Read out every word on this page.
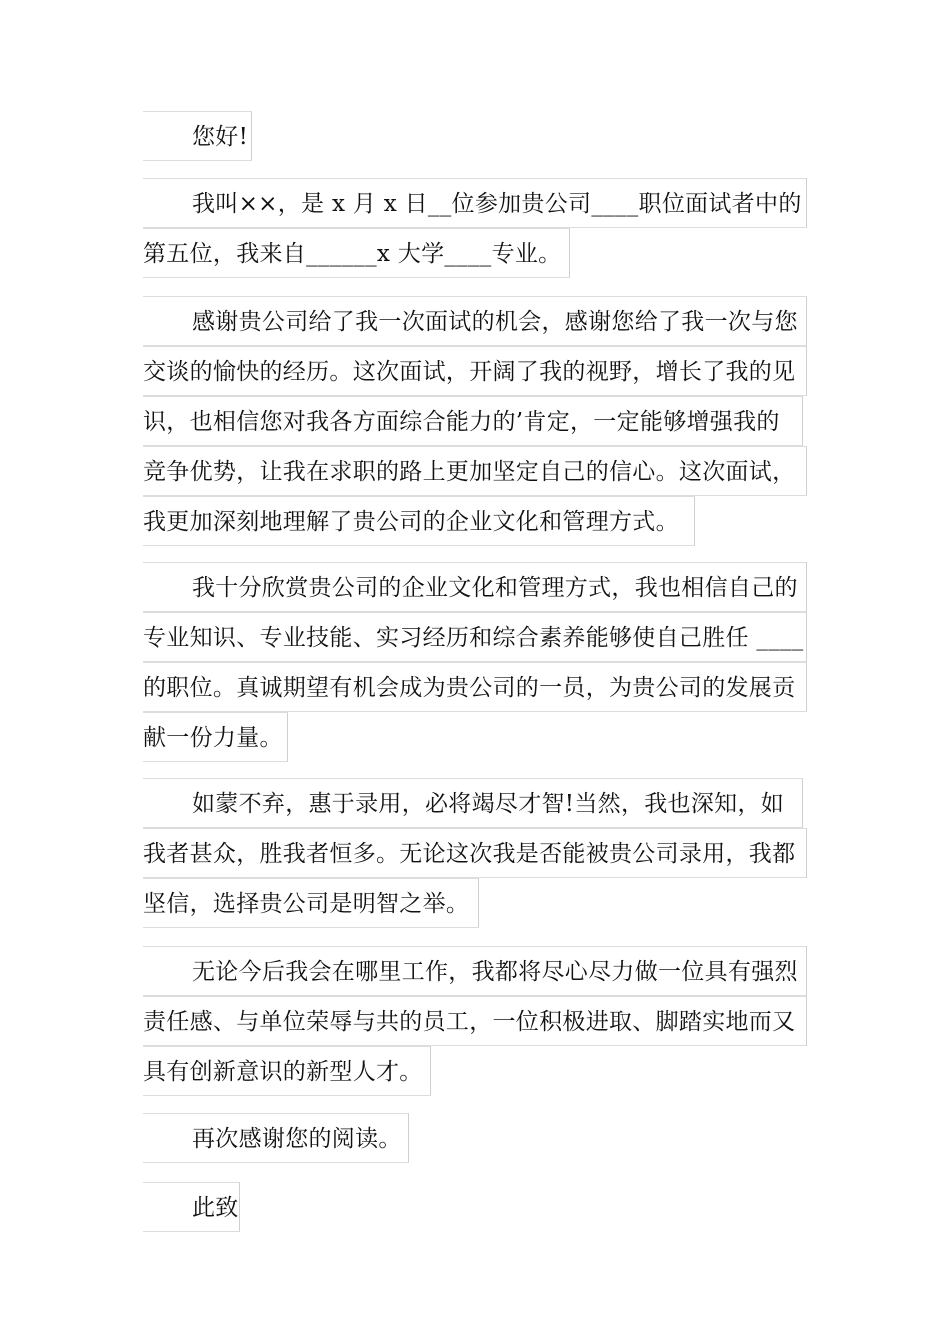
您好!
我叫××，是 x 月 x 日__位参加贵公司____职位面试者中的
第五位，我来自______x 大学____专业。
感谢贵公司给了我一次面试的机会，感谢您给了我一次与您
交谈的愉快的经历。这次面试，开阔了我的视野，增长了我的见
识，也相信您对我各方面综合能力的’肯定，一定能够增强我的
竞争优势，让我在求职的路上更加坚定自己的信心。这次面试，
我更加深刻地理解了贵公司的企业文化和管理方式。
我十分欣赏贵公司的企业文化和管理方式，我也相信自己的
专业知识、专业技能、实习经历和综合素养能够使自己胜任 ____
的职位。真诚期望有机会成为贵公司的一员，为贵公司的发展贡
献一份力量。
如蒙不弃，惠于录用，必将竭尽才智!当然，我也深知，如
我者甚众，胜我者恒多。无论这次我是否能被贵公司录用，我都
坚信，选择贵公司是明智之举。
无论今后我会在哪里工作，我都将尽心尽力做一位具有强烈
责任感、与单位荣辱与共的员工，一位积极进取、脚踏实地而又
具有创新意识的新型人才。
再次感谢您的阅读。
此致
